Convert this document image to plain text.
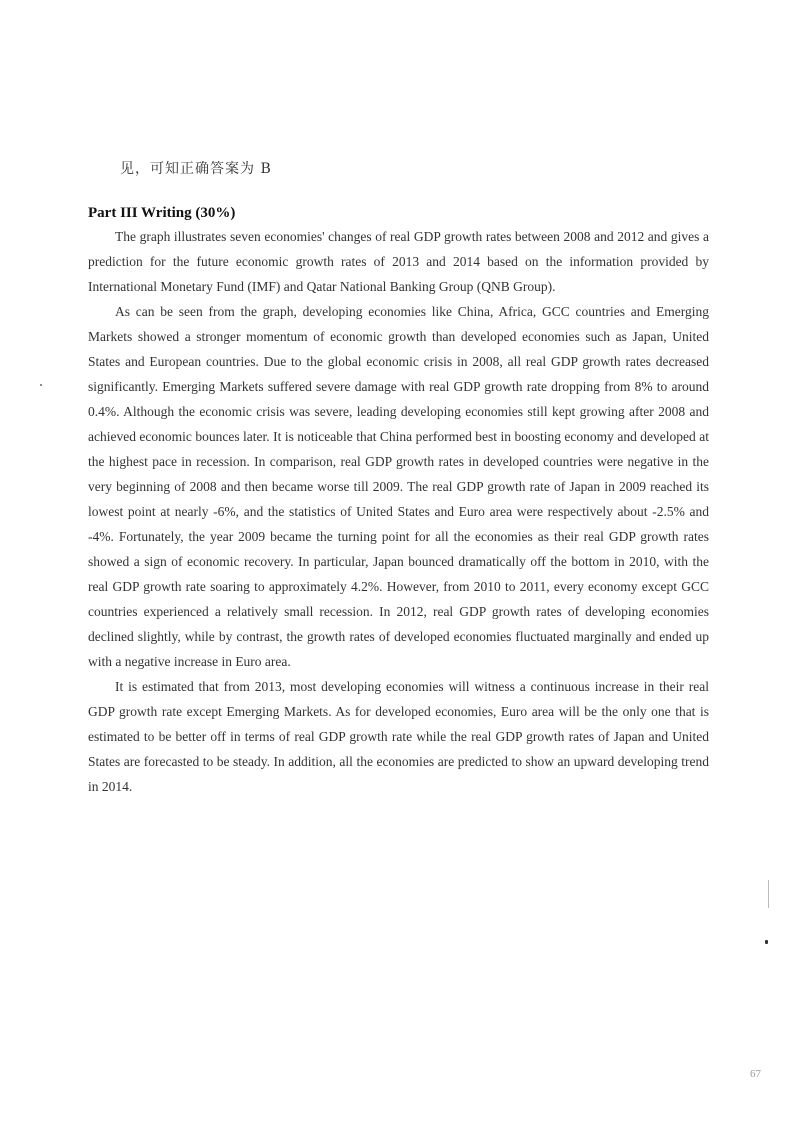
见，可知正确答案为 B
Part III Writing (30%)

The graph illustrates seven economies' changes of real GDP growth rates between 2008 and 2012 and gives a prediction for the future economic growth rates of 2013 and 2014 based on the information provided by International Monetary Fund (IMF) and Qatar National Banking Group (QNB Group).

As can be seen from the graph, developing economies like China, Africa, GCC countries and Emerging Markets showed a stronger momentum of economic growth than developed economies such as Japan, United States and European countries. Due to the global economic crisis in 2008, all real GDP growth rates decreased significantly. Emerging Markets suffered severe damage with real GDP growth rate dropping from 8% to around 0.4%. Although the economic crisis was severe, leading developing economies still kept growing after 2008 and achieved economic bounces later. It is noticeable that China performed best in boosting economy and developed at the highest pace in recession. In comparison, real GDP growth rates in developed countries were negative in the very beginning of 2008 and then became worse till 2009. The real GDP growth rate of Japan in 2009 reached its lowest point at nearly -6%, and the statistics of United States and Euro area were respectively about -2.5% and -4%. Fortunately, the year 2009 became the turning point for all the economies as their real GDP growth rates showed a sign of economic recovery. In particular, Japan bounced dramatically off the bottom in 2010, with the real GDP growth rate soaring to approximately 4.2%. However, from 2010 to 2011, every economy except GCC countries experienced a relatively small recession. In 2012, real GDP growth rates of developing economies declined slightly, while by contrast, the growth rates of developed economies fluctuated marginally and ended up with a negative increase in Euro area.

It is estimated that from 2013, most developing economies will witness a continuous increase in their real GDP growth rate except Emerging Markets. As for developed economies, Euro area will be the only one that is estimated to be better off in terms of real GDP growth rate while the real GDP growth rates of Japan and United States are forecasted to be steady. In addition, all the economies are predicted to show an upward developing trend in 2014.

67
